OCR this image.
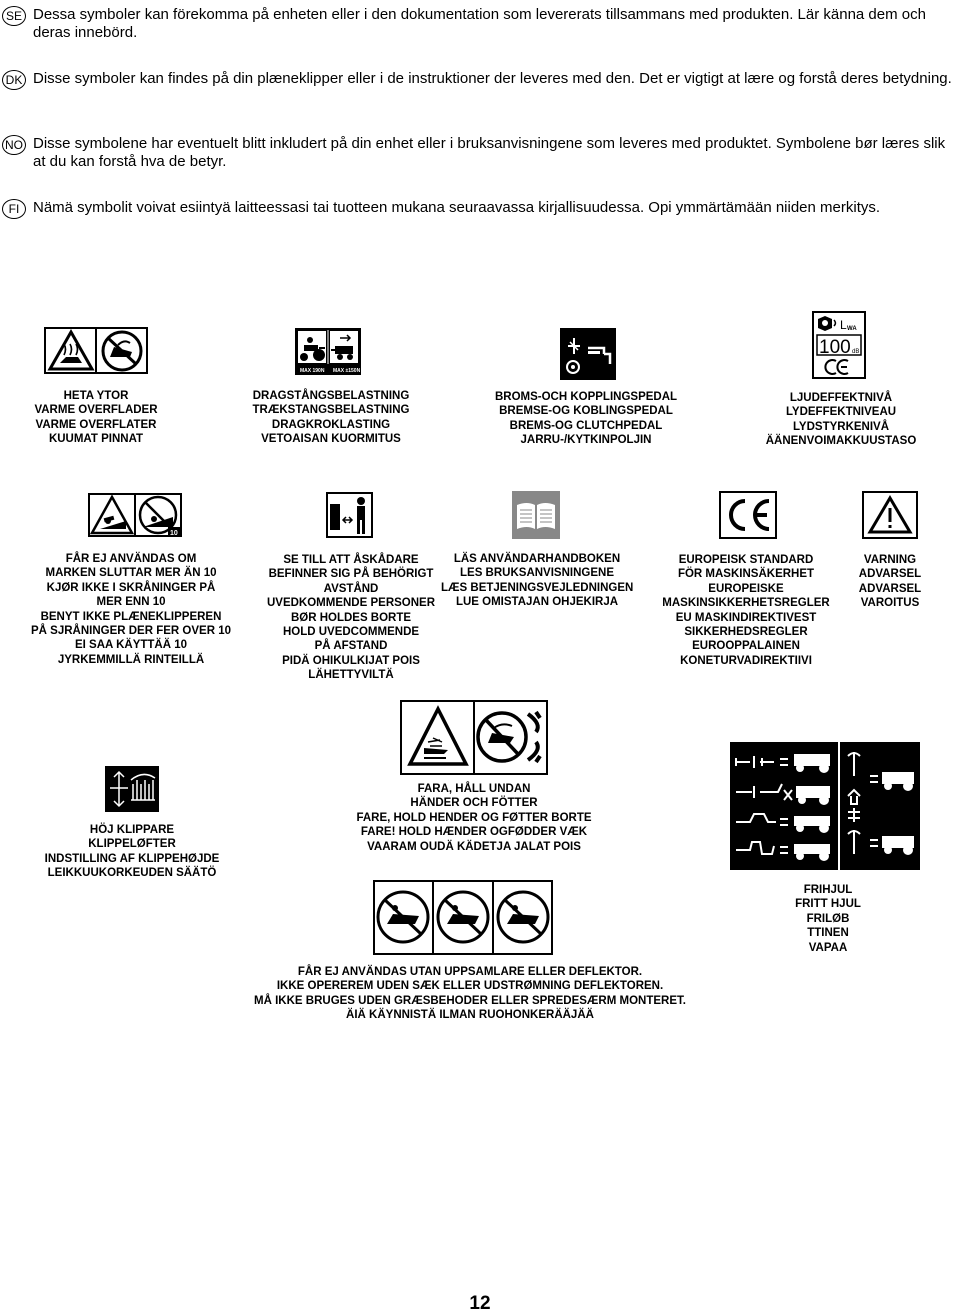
SE Dessa symboler kan förekomma på enheten eller i den dokumentation som levererats tillsammans med produkten. Lär känna dem och deras innebörd.
DK Disse symboler kan findes på din plæneklipper eller i de instruktioner der leveres med den. Det er vigtigt at lære og forstå deres betydning.
NO Disse symbolene har eventuelt blitt inkludert på din enhet eller i bruksanvisningene som leveres med produktet. Symbolene bør læres slik at du kan forstå hva de betyr.
FI Nämä symbolit voivat esiintyä laitteessasi tai tuotteen mukana seuraavassa kirjallisuudessa. Opi ymmärtämään niiden merkitys.
HETA YTOR
VARME OVERFLADER
VARME OVERFLATER
KUUMAT PINNAT
MAX 190N MAX ±150N
DRAGSTÅNGSBELASTNING
TRÆKSTANGSBELASTNING
DRAGKROKLASTING
VETOAISAN KUORMITUS
BROMS-OCH KOPPLINGSPEDAL
BREMSE-OG KOBLINGSPEDAL
BREMS-OG CLUTCHPEDAL
JARRU-/KYTKINPOLJIN
L WA
100 dB
LJUDEFFEKTNIVÅ
LYDEFFEKTNIVEAU
LYDSTYRKENIVÅ
ÄÄNENVOIMAKKUUSTASO
10
FÅR EJ ANVÄNDAS OM
MARKEN SLUTTAR MER ÄN 10
KJØR IKKE I SKRÅNINGER PÅ
MER ENN 10
BENYT IKKE PLÆNEKLIPPEREN
PÅ SJRÅNINGER DER FER OVER 10
EI SAA KÄYTTÄÄ 10
JYRKEMMILLÄ RINTEILLÄ
SE TILL ATT ÅSKÅDARE
BEFINNER SIG PÅ BEHÖRIGT
AVSTÅND
UVEDKOMMENDE PERSONER
BØR HOLDES BORTE
HOLD UVEDCOMMENDE
PÅ AFSTAND
PIDÄ OHIKULKIJAT POIS
LÄHETTYVILTÄ
LÄS ANVÄNDARHANDBOKEN
LES BRUKSANVISNINGENE
LÆS BETJENINGSVEJLEDNINGEN
LUE OMISTAJAN OHJEKIRJA
EUROPEISK STANDARD
FÖR MASKINSÄKERHET
EUROPEISKE
MASKINSIKKERHETSREGLER
EU MASKINDIREKTIVEST
SIKKERHEDSREGLER
EUROOPPALAINEN
KONETURVADIREKTIIVI
VARNING
ADVARSEL
ADVARSEL
VAROITUS
HÖJ KLIPPARE
KLIPPELØFTER
INDSTILLING AF KLIPPEHØJDE
LEIKKUUKORKEUDEN SÄÄTÖ
FARA, HÅLL UNDAN
HÄNDER OCH FÖTTER
FARE, HOLD HENDER OG FØTTER BORTE
FARE! HOLD HÆNDER OGFØDDER VÆK
VAARAM OUDÄ KÄDETJA JALAT POIS
FRIHJUL
FRITT HJUL
FRILØB
TTINEN
VAPAA
FÅR EJ ANVÄNDAS UTAN UPPSAMLARE ELLER DEFLEKTOR.
IKKE OPEREREM UDEN SÆK ELLER UDSTRØMNING DEFLEKTOREN.
MÅ IKKE BRUGES UDEN GRÆSBEHODER ELLER SPREDESÆRM MONTERET.
ÄIÄ KÄYNNISTÄ ILMAN RUOHONKERÄÄJÄÄ
12
